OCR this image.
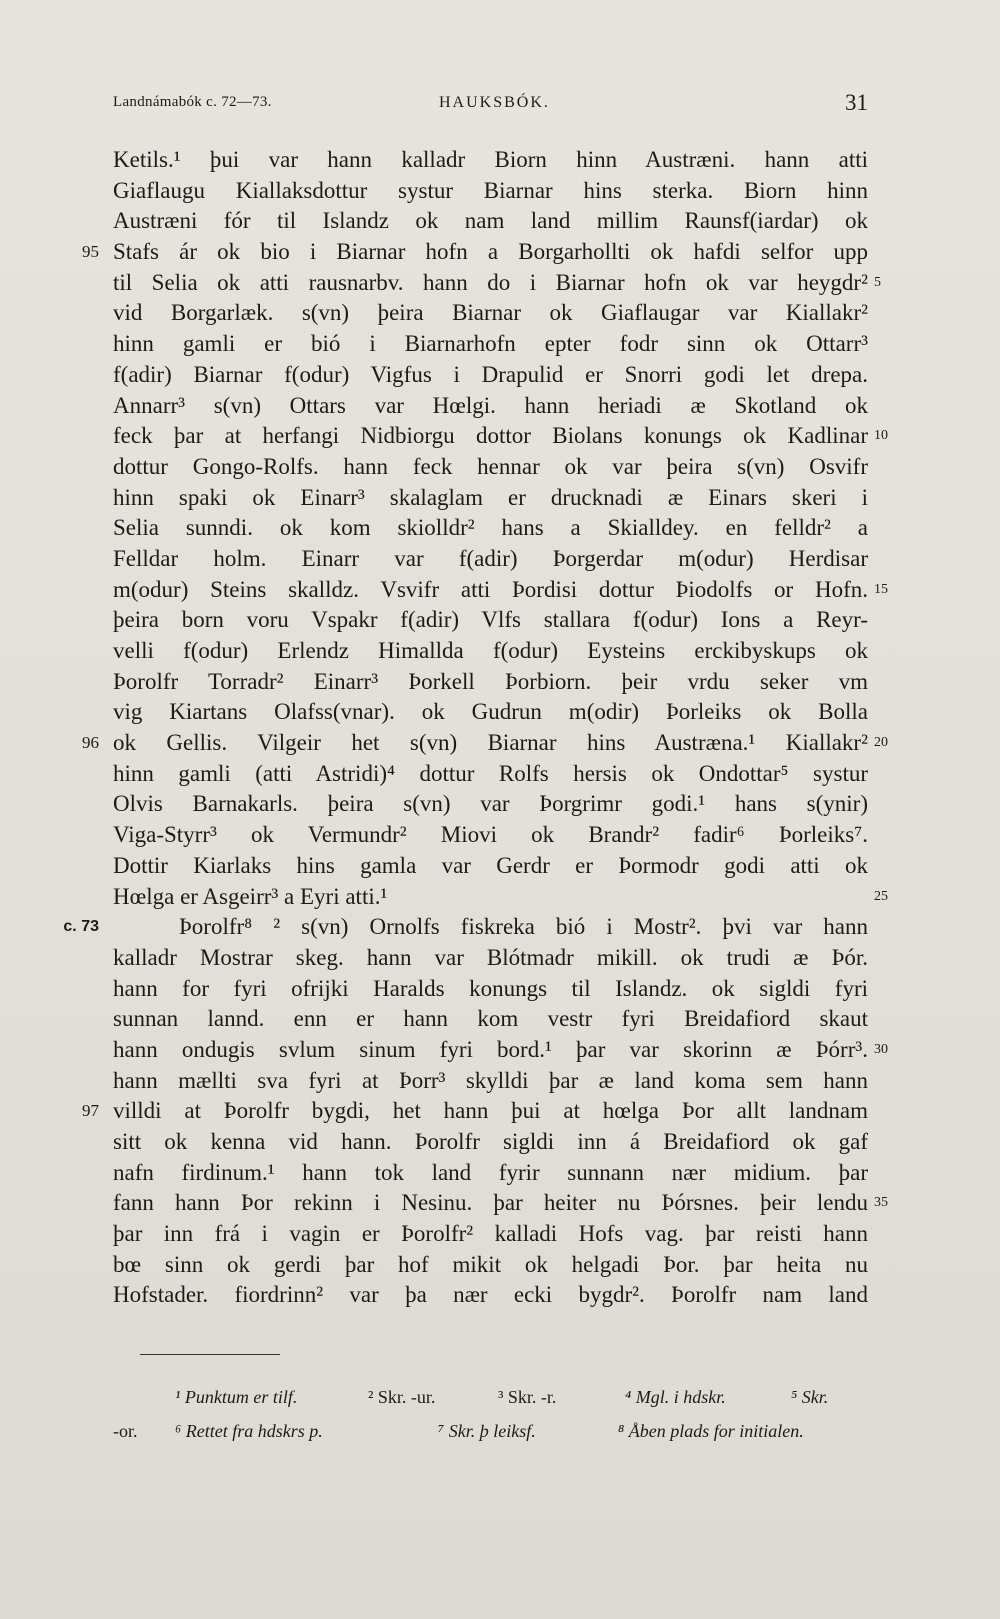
Landnámabók c. 72—73.	HAUKSBÓK.	31
Ketils.¹ þui var hann kalladr Biorn hinn Austræni. hann atti
Giaflaugu Kiallaksdottur systur Biarnar hins sterka. Biorn hinn
Austræni fór til Islandz ok nam land millim Raunsf(iardar) ok
Stafs ár ok bio i Biarnar hofn a Borgarhollti ok hafdi selfor upp
95
til Selia ok atti rausnarbv. hann do i Biarnar hofn ok var heygdr² 5
vid Borgarlæk. s(vn) þeira Biarnar ok Giaflaugar var Kiallakr²
hinn gamli er bió i Biarnarhofn epter fodr sinn ok Ottarr³
f(adir) Biarnar f(odur) Vigfus i Drapulid er Snorri godi let drepa.
Annarr³ s(vn) Ottars var Hœlgi. hann heriadi æ Skotland ok
feck þar at herfangi Nidbiorgu dottor Biolans konungs ok Kadlinar 10
dottur Gongo-Rolfs. hann feck hennar ok var þeira s(vn) Osvifr
hinn spaki ok Einarr³ skalaglam er drucknadi æ Einars skeri i
Selia sunndi. ok kom skiolldr² hans a Skialldey. en felldr² a
Felldar holm. Einarr var f(adir) Þorgerdar m(odur) Herdisar
m(odur) Steins skalldz. Vsvifr atti Þordisi dottur Þiodolfs or Hofn. 15
þeira born voru Vspakr f(adir) Vlfs stallara f(odur) Ions a Reyr-
velli f(odur) Erlendz Himallda f(odur) Eysteins erckibyskups ok
Þorolfr Torradr² Einarr³ Þorkell Þorbiorn. þeir vrdu seker vm
vig Kiartans Olafss(vnar). ok Gudrun m(odir) Þorleiks ok Bolla
ok Gellis. Vilgeir het s(vn) Biarnar hins Austræna.¹ Kiallakr²
96	20
hinn gamli (atti Astridi)⁴ dottur Rolfs hersis ok Ondottar⁵ systur
Olvis Barnakarls. þeira s(vn) var Þorgrimr godi.¹ hans s(ynir)
Viga-Styrr³ ok Vermundr² Miovi ok Brandr² fadir⁶ Þorleiks⁷.
Dottir Kiarlaks hins gamla var Gerdr er Þormodr godi atti ok
Hœlga er Asgeirr³ a Eyri atti.¹	25
Þorolfr⁸ ² s(vn) Ornolfs fiskreka bió i Mostr². þvi var hann
c. 73
kalladr Mostrar skeg. hann var Blótmadr mikill. ok trudi æ Þór.
hann for fyri ofrijki Haralds konungs til Islandz. ok sigldi fyri
sunnan lannd. enn er hann kom vestr fyri Breidafiord skaut
hann ondugis svlum sinum fyri bord.¹ þar var skorinn æ Þórr³. 30
hann mællti sva fyri at Þorr³ skylldi þar æ land koma sem hann
villdi at Þorolfr bygdi, het hann þui at hœlga Þor allt landnam
97
sitt ok kenna vid hann. Þorolfr sigldi inn á Breidafiord ok gaf
nafn firdinum.¹ hann tok land fyrir sunnann nær midium. þar
fann hann Þor rekinn i Nesinu. þar heiter nu Þórsnes. þeir lendu 35
þar inn frá i vagin er Þorolfr² kalladi Hofs vag. þar reisti hann
bœ sinn ok gerdi þar hof mikit ok helgadi Þor. þar heita nu
Hofstader. fiordrinn² var þa nær ecki bygdr². Þorolfr nam land
¹ Punktum er tilf.	² Skr. -ur.	³ Skr. -r.	⁴ Mgl. i hdskr.	⁵ Skr.
-or. ⁶ Rettet fra hdskrs p.	⁷ Skr. þ leiksf.	⁸ Åben plads for initialen.
